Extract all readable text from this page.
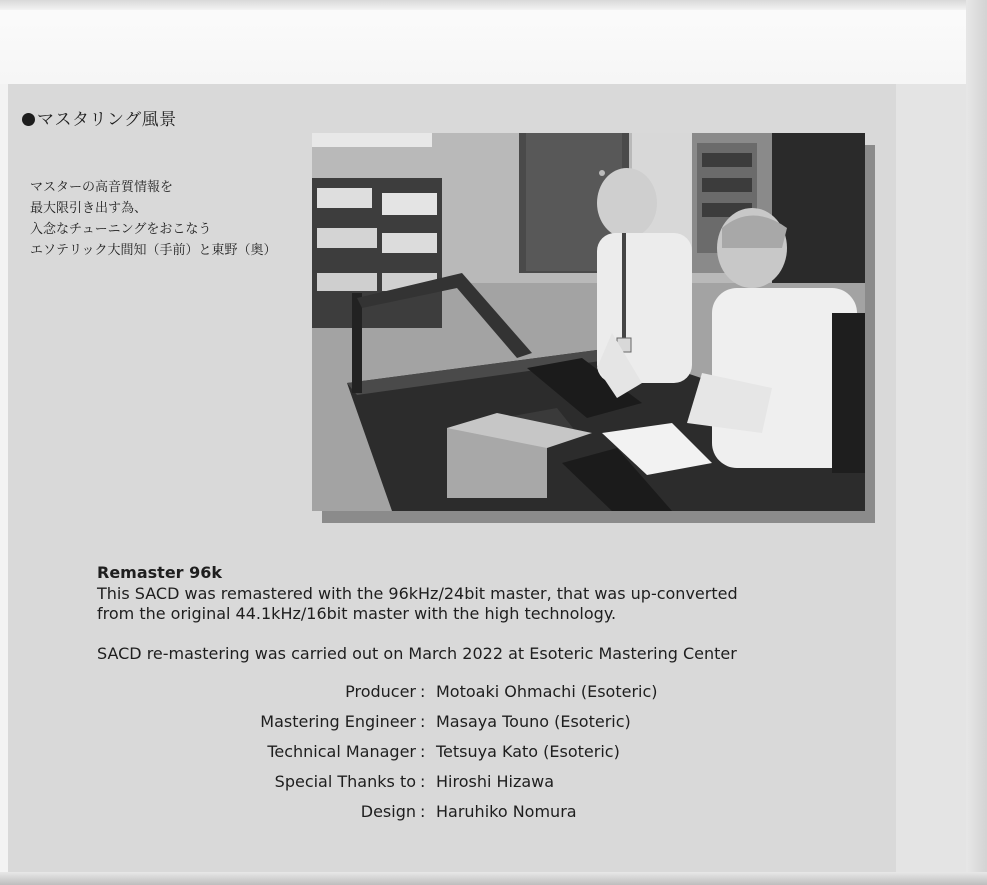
マスタリング風景
マスターの高音質情報を
最大限引き出す為、
入念なチューニングをおこなう
エソテリック大間知（手前）と東野（奥）
Remaster 96k
This SACD was remastered with the 96kHz/24bit master, that was up-converted
from the original 44.1kHz/16bit master with the high technology.
SACD re-mastering was carried out on March 2022 at Esoteric Mastering Center
Producer : Motoaki Ohmachi (Esoteric)
Mastering Engineer : Masaya Touno (Esoteric)
Technical Manager : Tetsuya Kato (Esoteric)
Special Thanks to : Hiroshi Hizawa
Design : Haruhiko Nomura
